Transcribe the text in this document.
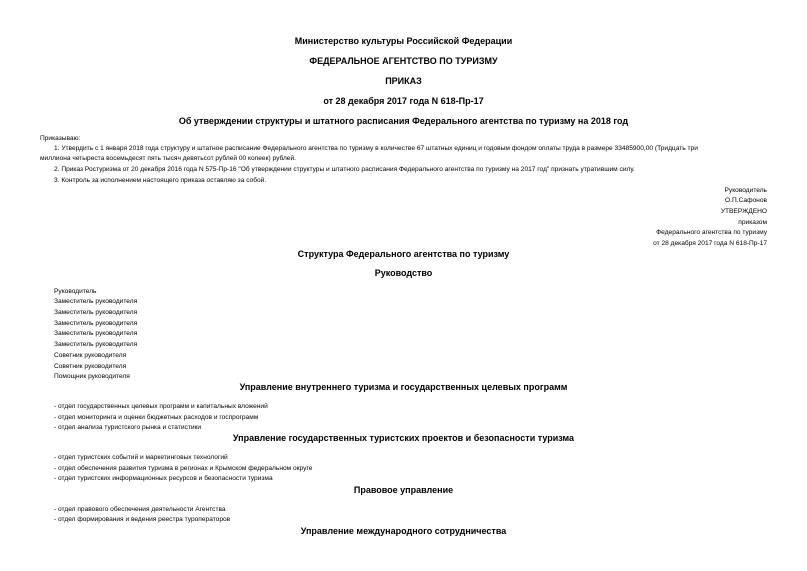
Министерство культуры Российской Федерации
ФЕДЕРАЛЬНОЕ АГЕНТСТВО ПО ТУРИЗМУ
ПРИКАЗ
от 28 декабря 2017 года N 618-Пр-17
Об утверждении структуры и штатного расписания Федерального агентства по туризму на 2018 год
Приказываю:
1. Утвердить с 1 января 2018 года структуру и штатное расписание Федерального агентства по туризму в количестве 67 штатных единиц и годовым фондом оплаты труда в размере 33485900,00 (Тридцать три
миллиона четыреста восемьдесят пять тысяч девятьсот рублей 00 копеек) рублей.
2. Приказ Ростуризма от 20 декабря 2016 года N 575-Пр-16 "Об утверждении структуры и штатного расписания Федерального агентства по туризму на 2017 год" признать утратившим силу.
3. Контроль за исполнением настоящего приказа оставляю за собой.
Руководитель
О.П.Сафонов
УТВЕРЖДЕНО
приказом
Федерального агентства по туризму
от 28 декабря 2017 года N 618-Пр-17
Структура Федерального агентства по туризму
Руководство
Руководитель
Заместитель руководителя
Заместитель руководителя
Заместитель руководителя
Заместитель руководителя
Заместитель руководителя
Советник руководителя
Советник руководителя
Помощник руководителя
Управление внутреннего туризма и государственных целевых программ
- отдел государственных целевых программ и капитальных вложений
- отдел мониторинга и оценки бюджетных расходов и госпрограмм
- отдел анализа туристского рынка и статистики
Управление государственных туристских проектов и безопасности туризма
- отдел туристских событий и маркетинговых технологий
- отдел обеспечения развития туризма в регионах и Крымском федеральном округе
- отдел туристских информационных ресурсов и безопасности туризма
Правовое управление
- отдел правового обеспечения деятельности Агентства
- отдел формирования и ведения реестра туроператоров
Управление международного сотрудничества
